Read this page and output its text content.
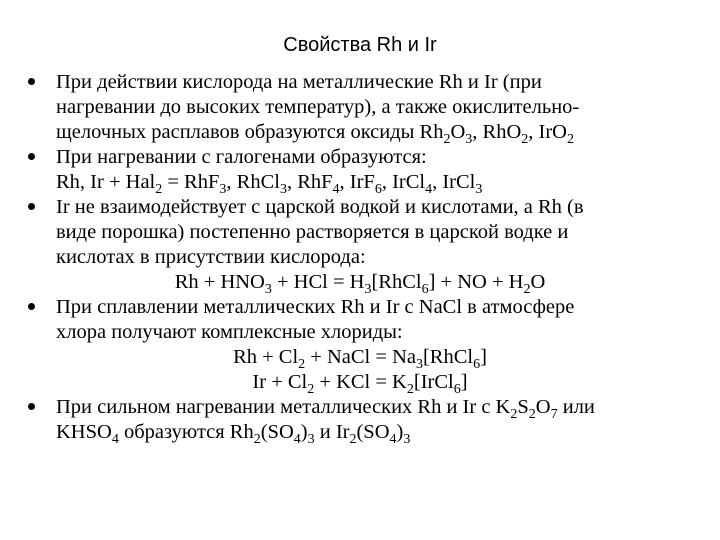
Свойства Rh и Ir
При действии кислорода на металлические Rh и Ir (при
нагревании до высоких температур), а также окислительно-
щелочных расплавов образуются оксиды $Rh_2O_3$, RhO$_2$, IrO$_2$
При нагревании с галогенами образуются:
Rh, Ir + Hal$_2$ = RhF$_3$, RhCl$_3$, RhF$_4$, IrF$_6$, IrCl$_4$, IrCl$_3$
Ir не взаимодействует с царской водкой и кислотами, а Rh (в
виде порошка) постепенно растворяется в царской водке и
кислотах в присутствии кислорода:
$Rh + HNO_3$ + HCl = $H_3[RhCl_6]$ + NO + $H_2O$
При сплавлении металлических Rh и Ir с NaCl в атмосфере
хлора получают комплексные хлориды:
$Rh + Cl_2$ + NaCl = $Na_3[RhCl_6]$
$Ir + Cl_2$ + KCl = $K_2[IrCl_6]$
При сильном нагревании металлических Rh и Ir с $K_2S_2O_7$ или
$KHSO_4$ образуются $Rh_2(SO_4)_3$ и $Ir_2(SO_4)_3$
